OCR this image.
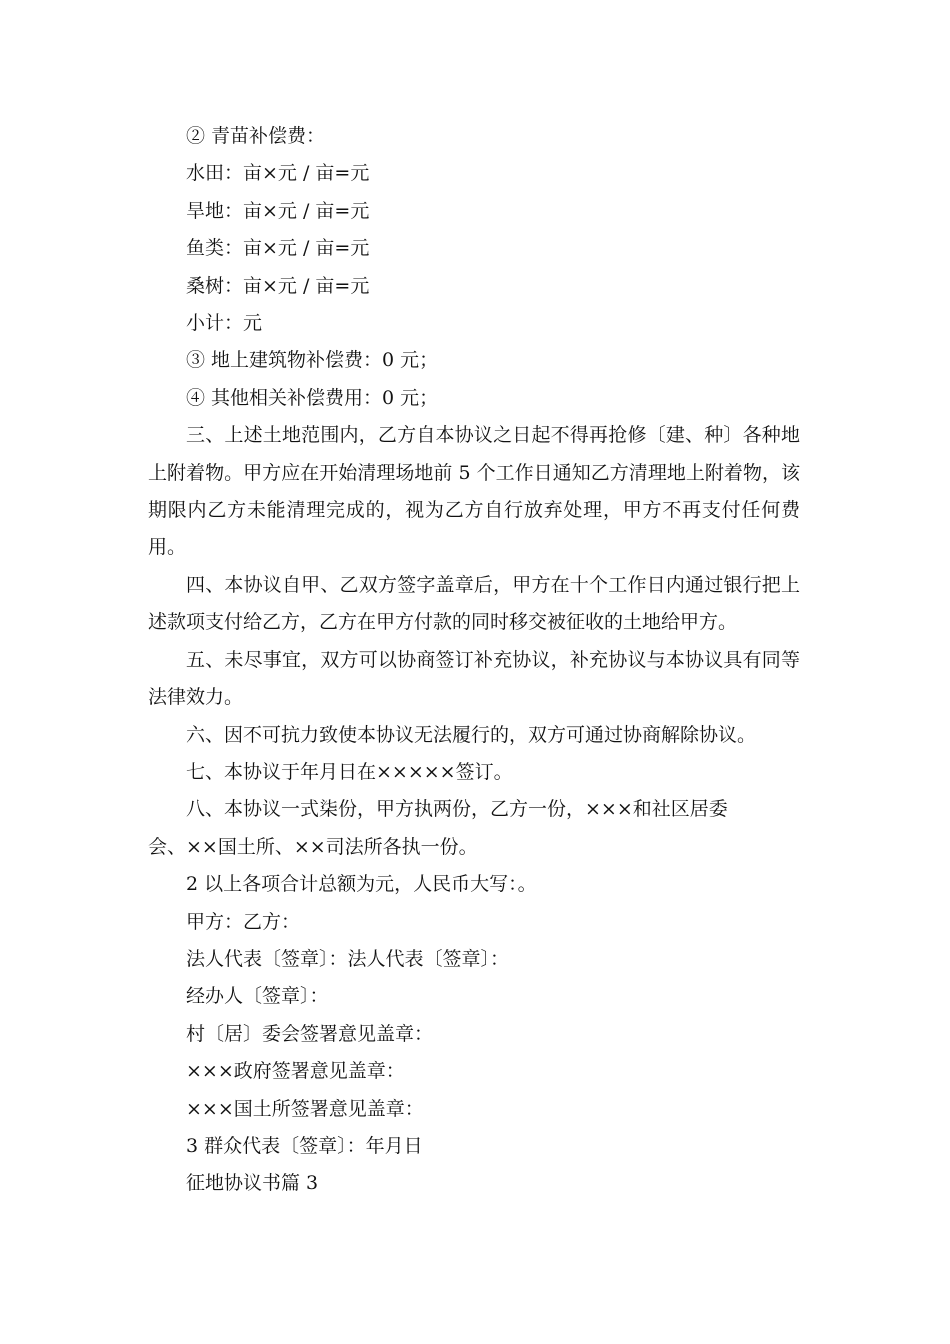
② 青苗补偿费：

水田：亩×元 / 亩=元

旱地：亩×元 / 亩=元

鱼类：亩×元 / 亩=元

桑树：亩×元 / 亩=元

小计：元

③ 地上建筑物补偿费：0 元；

④ 其他相关补偿费用：0 元；

三、上述土地范围内，乙方自本协议之日起不得再抢修〔建、种〕各种地上附着物。甲方应在开始清理场地前 5 个工作日通知乙方清理地上附着物，该期限内乙方未能清理完成的，视为乙方自行放弃处理，甲方不再支付任何费用。

四、本协议自甲、乙双方签字盖章后，甲方在十个工作日内通过银行把上述款项支付给乙方，乙方在甲方付款的同时移交被征收的土地给甲方。

五、未尽事宜，双方可以协商签订补充协议，补充协议与本协议具有同等法律效力。

六、因不可抗力致使本协议无法履行的，双方可通过协商解除协议。

七、本协议于年月日在×××××签订。

八、本协议一式柒份，甲方执两份，乙方一份，×××和社区居委

会、××国土所、××司法所各执一份。

2 以上各项合计总额为元，人民币大写：。

甲方：乙方：

法人代表〔签章〕：法人代表〔签章〕：

经办人〔签章〕：

村〔居〕委会签署意见盖章：

×××政府签署意见盖章：

×××国土所签署意见盖章：

3 群众代表〔签章〕：年月日

征地协议书篇 3
